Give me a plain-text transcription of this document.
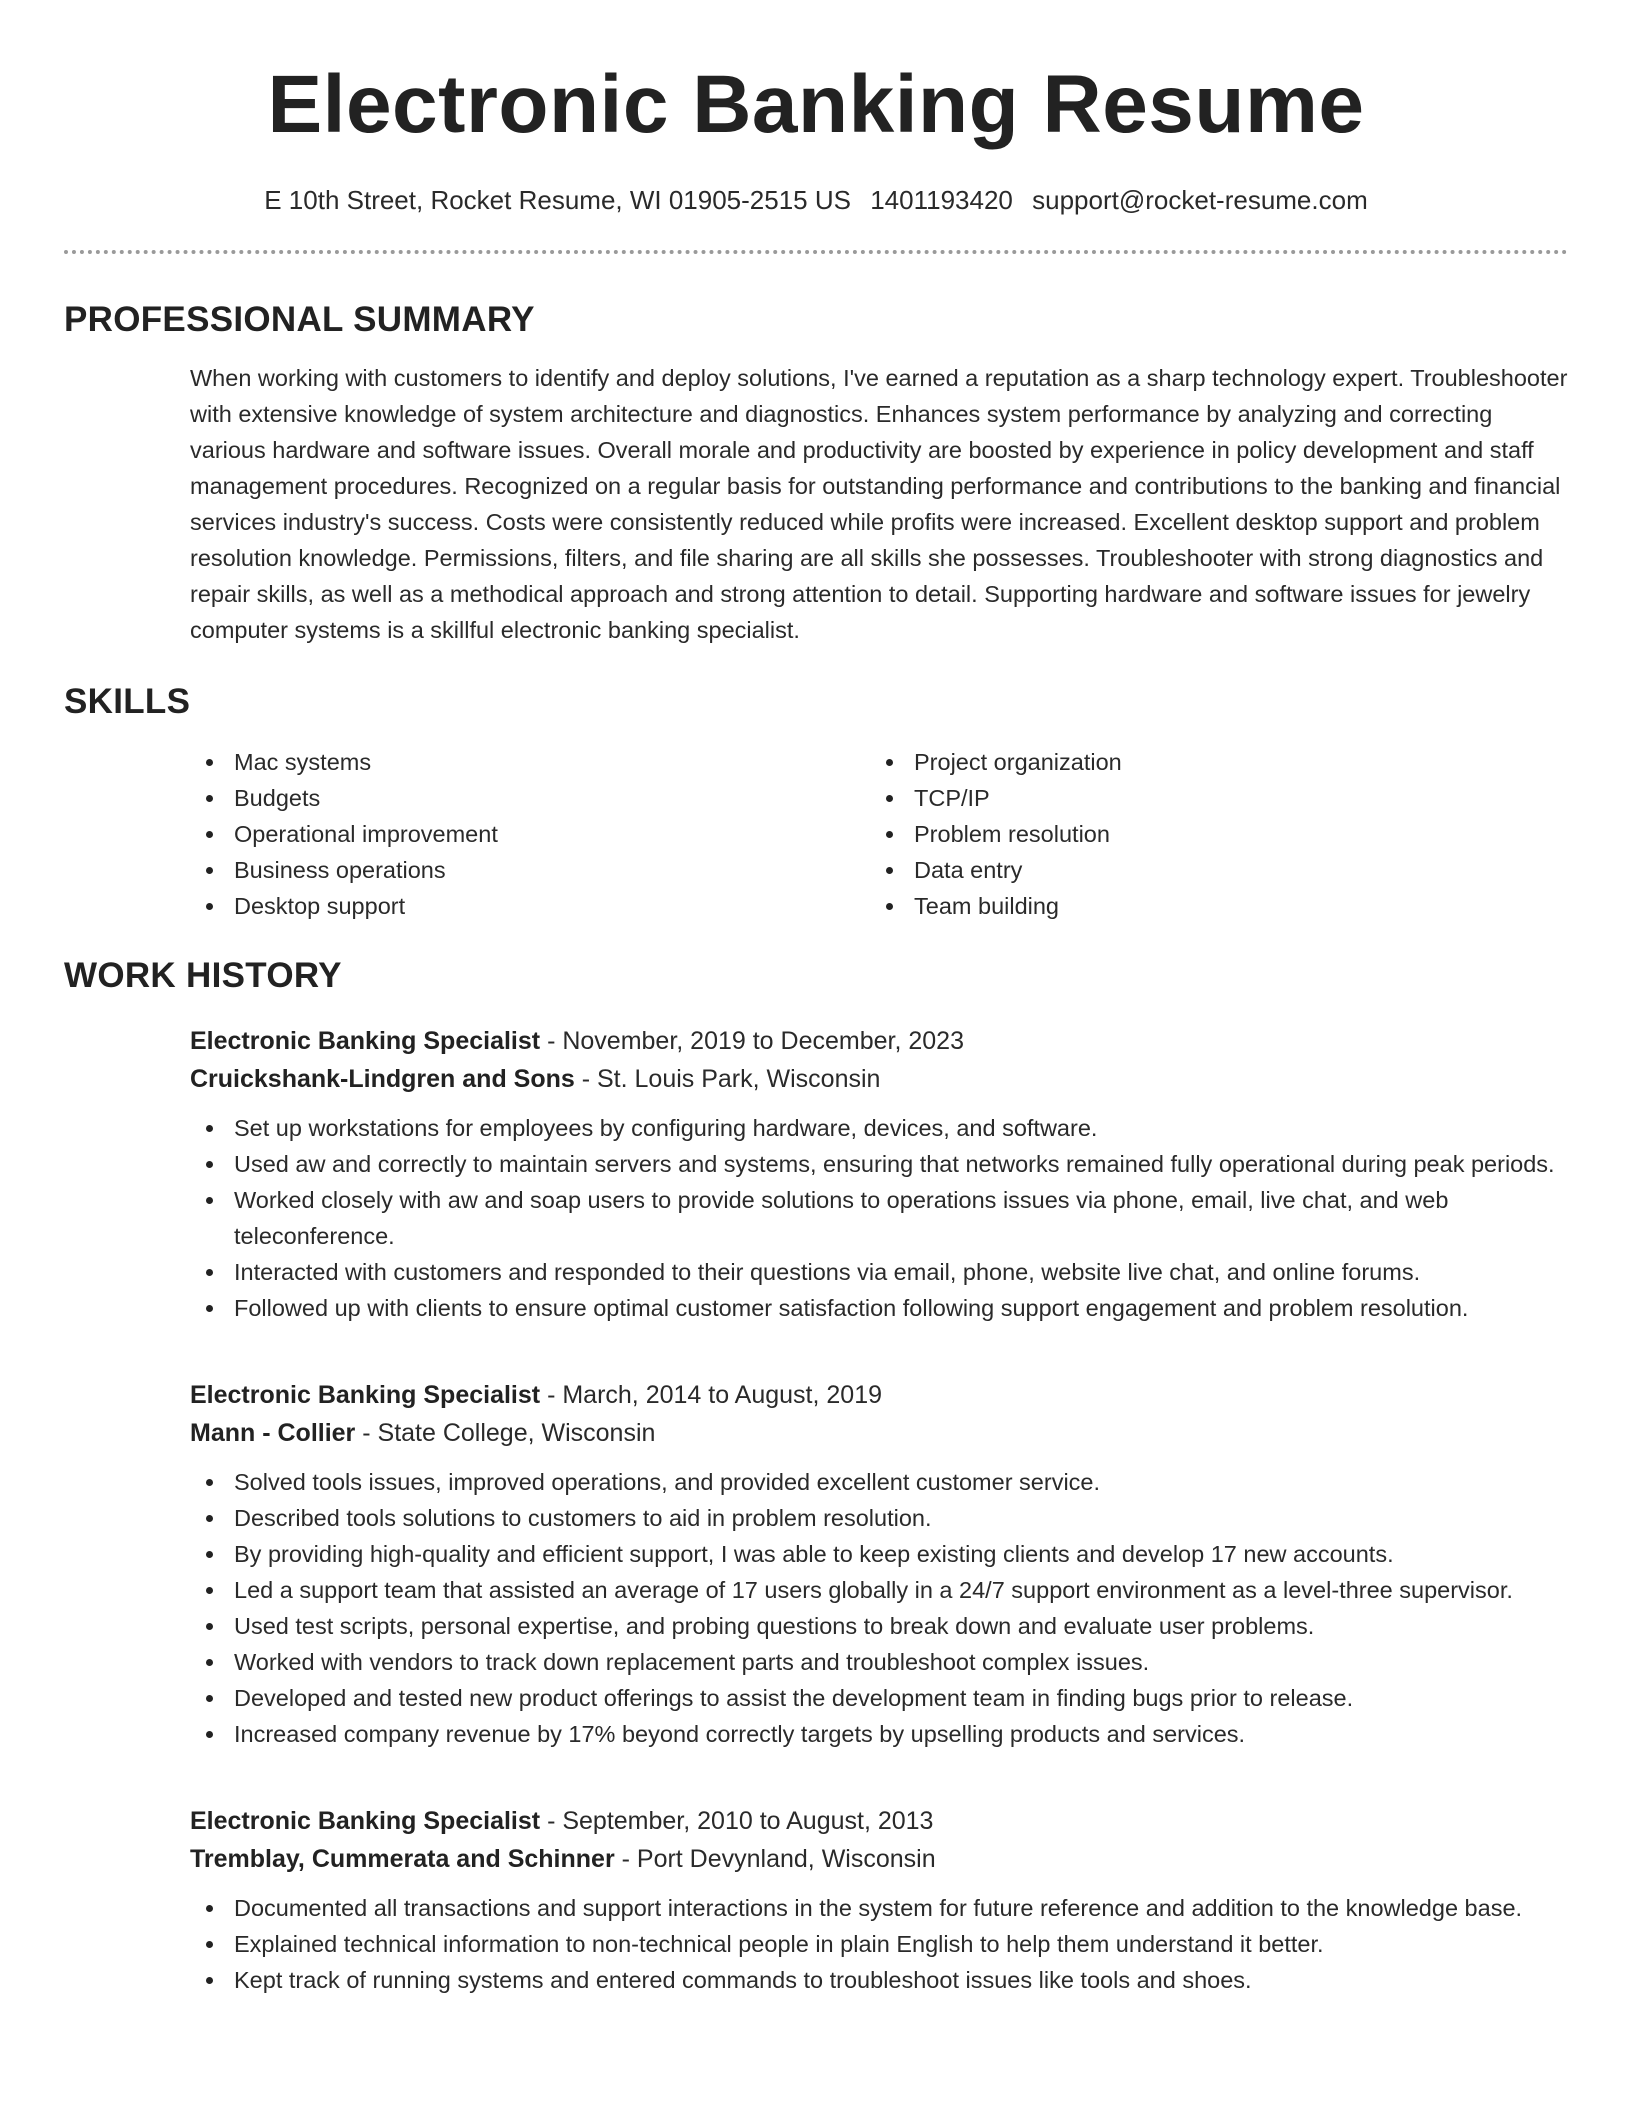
Electronic Banking Resume
E 10th Street, Rocket Resume, WI 01905-2515 US 1401193420 support@rocket-resume.com
PROFESSIONAL SUMMARY

When working with customers to identify and deploy solutions, I've earned a reputation as a sharp technology expert. Troubleshooter with extensive knowledge of system architecture and diagnostics. Enhances system performance by analyzing and correcting various hardware and software issues. Overall morale and productivity are boosted by experience in policy development and staff management procedures. Recognized on a regular basis for outstanding performance and contributions to the banking and financial services industry's success. Costs were consistently reduced while profits were increased. Excellent desktop support and problem resolution knowledge. Permissions, filters, and file sharing are all skills she possesses. Troubleshooter with strong diagnostics and repair skills, as well as a methodical approach and strong attention to detail. Supporting hardware and software issues for jewelry computer systems is a skillful electronic banking specialist.

SKILLS
Mac systems
Budgets
Operational improvement
Business operations
Desktop support
Project organization
TCP/IP
Problem resolution
Data entry
Team building
WORK HISTORY
Electronic Banking Specialist - November, 2019 to December, 2023
Cruickshank-Lindgren and Sons - St. Louis Park, Wisconsin
Set up workstations for employees by configuring hardware, devices, and software.
Used aw and correctly to maintain servers and systems, ensuring that networks remained fully operational during peak periods.
Worked closely with aw and soap users to provide solutions to operations issues via phone, email, live chat, and web teleconference.
Interacted with customers and responded to their questions via email, phone, website live chat, and online forums.
Followed up with clients to ensure optimal customer satisfaction following support engagement and problem resolution.
Electronic Banking Specialist - March, 2014 to August, 2019
Mann - Collier - State College, Wisconsin
Solved tools issues, improved operations, and provided excellent customer service.
Described tools solutions to customers to aid in problem resolution.
By providing high-quality and efficient support, I was able to keep existing clients and develop 17 new accounts.
Led a support team that assisted an average of 17 users globally in a 24/7 support environment as a level-three supervisor.
Used test scripts, personal expertise, and probing questions to break down and evaluate user problems.
Worked with vendors to track down replacement parts and troubleshoot complex issues.
Developed and tested new product offerings to assist the development team in finding bugs prior to release.
Increased company revenue by 17% beyond correctly targets by upselling products and services.
Electronic Banking Specialist - September, 2010 to August, 2013
Tremblay, Cummerata and Schinner - Port Devynland, Wisconsin
Documented all transactions and support interactions in the system for future reference and addition to the knowledge base.
Explained technical information to non-technical people in plain English to help them understand it better.
Kept track of running systems and entered commands to troubleshoot issues like tools and shoes.
